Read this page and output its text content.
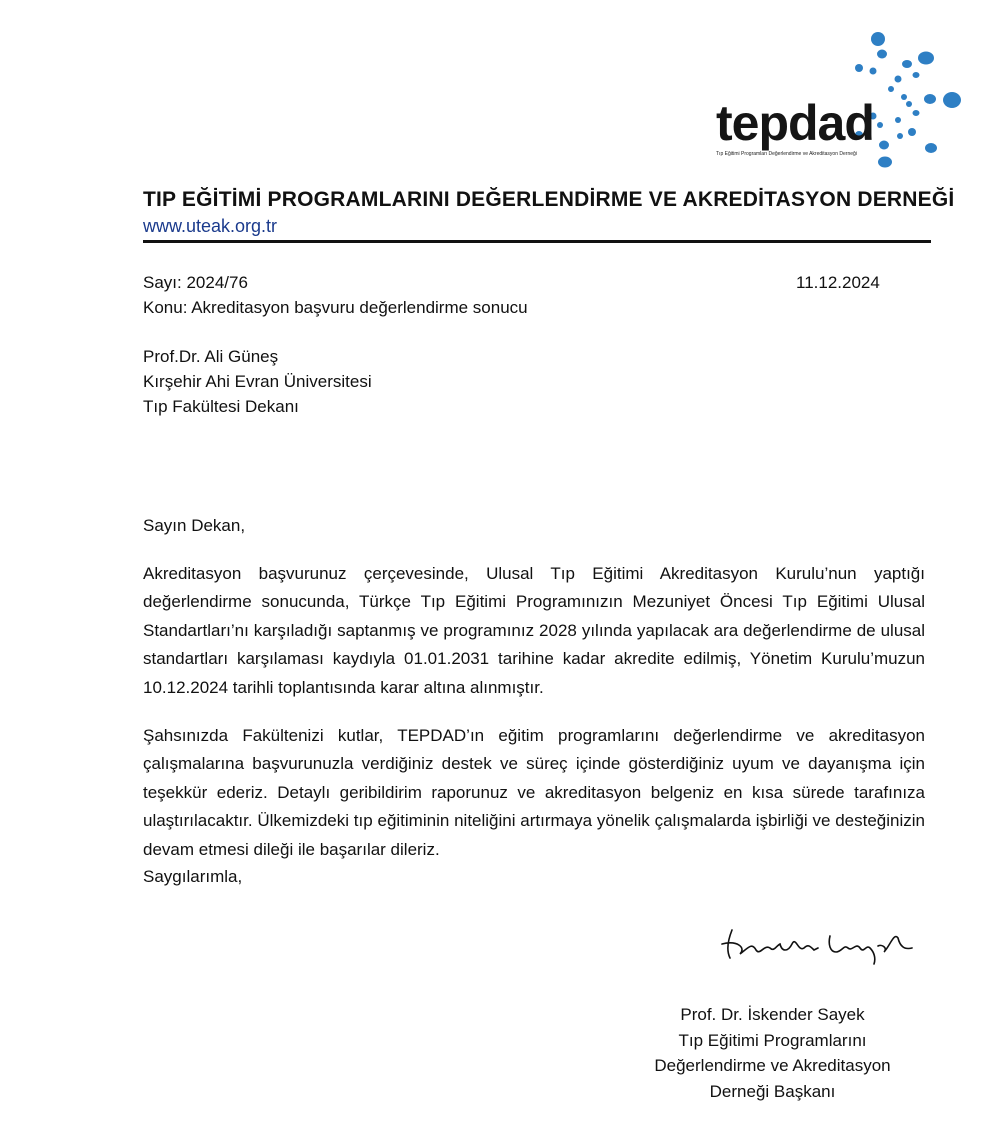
tepdad
Tıp Eğitimi Programları Değerlendirme ve Akreditasyon Derneği
TIP EĞİTİMİ PROGRAMLARINI DEĞERLENDİRME VE AKREDİTASYON DERNEĞİ
www.uteak.org.tr
Sayı: 2024/76
Konu: Akreditasyon başvuru değerlendirme sonucu
11.12.2024
Prof.Dr. Ali Güneş
Kırşehir Ahi Evran Üniversitesi
Tıp Fakültesi Dekanı
Sayın Dekan,
Akreditasyon başvurunuz çerçevesinde, Ulusal Tıp Eğitimi Akreditasyon Kurulu’nun yaptığı değerlendirme sonucunda, Türkçe Tıp Eğitimi Programınızın Mezuniyet Öncesi Tıp Eğitimi Ulusal Standartları’nı karşıladığı saptanmış ve programınız 2028 yılında yapılacak ara değerlendirme de ulusal standartları karşılaması kaydıyla 01.01.2031 tarihine kadar akredite edilmiş, Yönetim Kurulu’muzun 10.12.2024 tarihli toplantısında karar altına alınmıştır.
Şahsınızda Fakültenizi kutlar, TEPDAD’ın eğitim programlarını değerlendirme ve akreditasyon çalışmalarına başvurunuzla verdiğiniz destek ve süreç içinde gösterdiğiniz uyum ve dayanışma için teşekkür ederiz. Detaylı geribildirim raporunuz ve akreditasyon belgeniz en kısa sürede tarafınıza ulaştırılacaktır. Ülkemizdeki tıp eğitiminin niteliğini artırmaya yönelik çalışmalarda işbirliği ve desteğinizin devam etmesi dileği ile başarılar dileriz.
Saygılarımla,
Prof. Dr. İskender Sayek
Tıp Eğitimi Programlarını
Değerlendirme ve Akreditasyon
Derneği Başkanı
